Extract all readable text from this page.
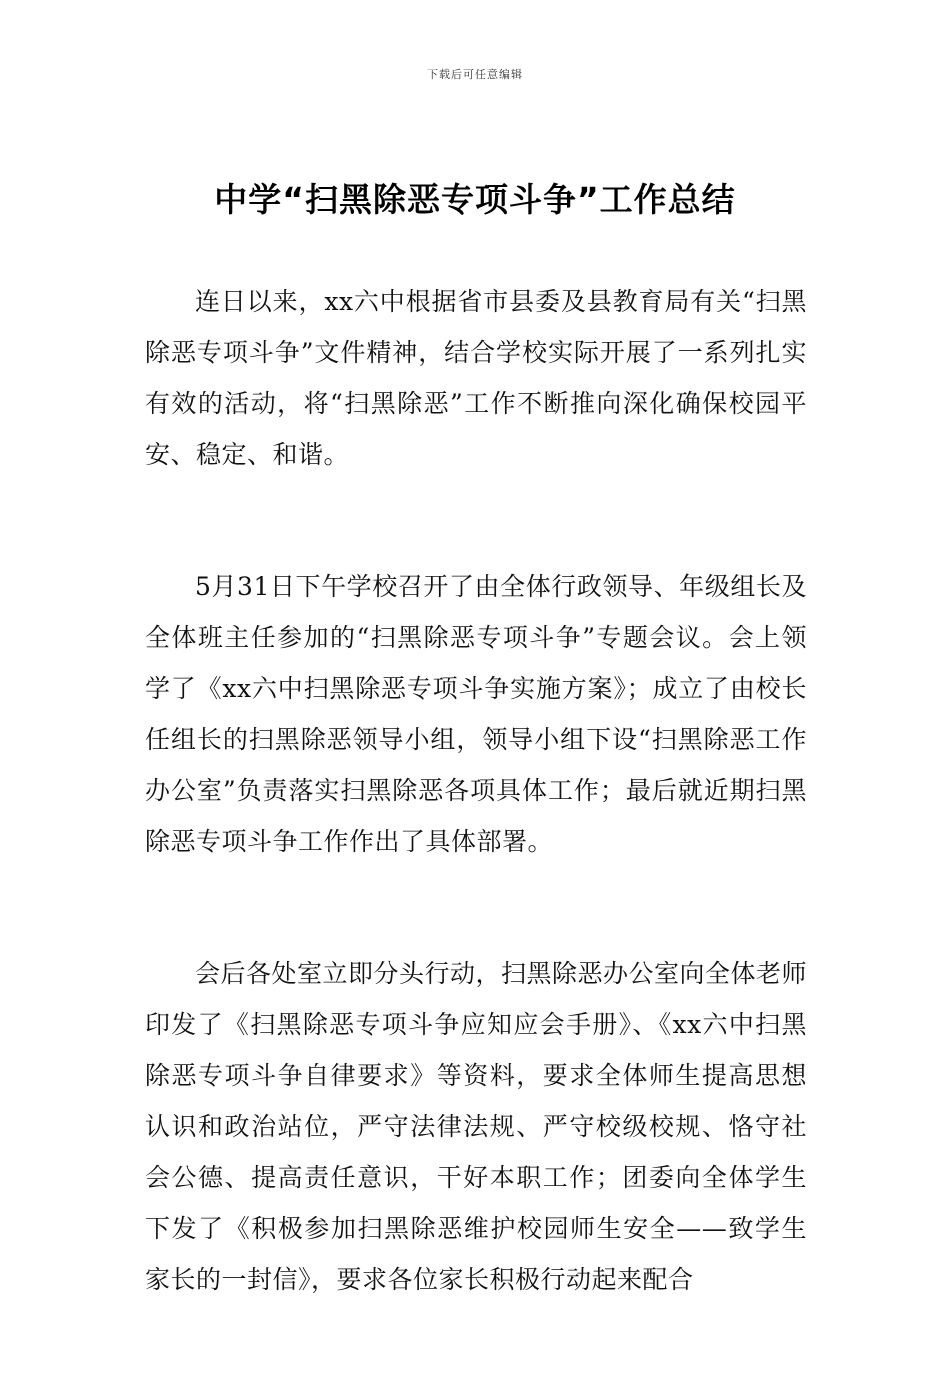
下载后可任意编辑
中学“扫黑除恶专项斗争”工作总结

连日以来，xx六中根据省市县委及县教育局有关“扫黑除恶专项斗争”文件精神，结合学校实际开展了一系列扎实有效的活动，将“扫黑除恶”工作不断推向深化确保校园平安、稳定、和谐。

5月31日下午学校召开了由全体行政领导、年级组长及全体班主任参加的“扫黑除恶专项斗争”专题会议。会上领学了《xx六中扫黑除恶专项斗争实施方案》；成立了由校长任组长的扫黑除恶领导小组，领导小组下设“扫黑除恶工作办公室”负责落实扫黑除恶各项具体工作；最后就近期扫黑除恶专项斗争工作作出了具体部署。

会后各处室立即分头行动，扫黑除恶办公室向全体老师印发了《扫黑除恶专项斗争应知应会手册》、《xx六中扫黑除恶专项斗争自律要求》等资料，要求全体师生提高思想认识和政治站位，严守法律法规、严守校级校规、恪守社会公德、提高责任意识，干好本职工作；团委向全体学生下发了《积极参加扫黑除恶维护校园师生安全——致学生家长的一封信》，要求各位家长积极行动起来配合
